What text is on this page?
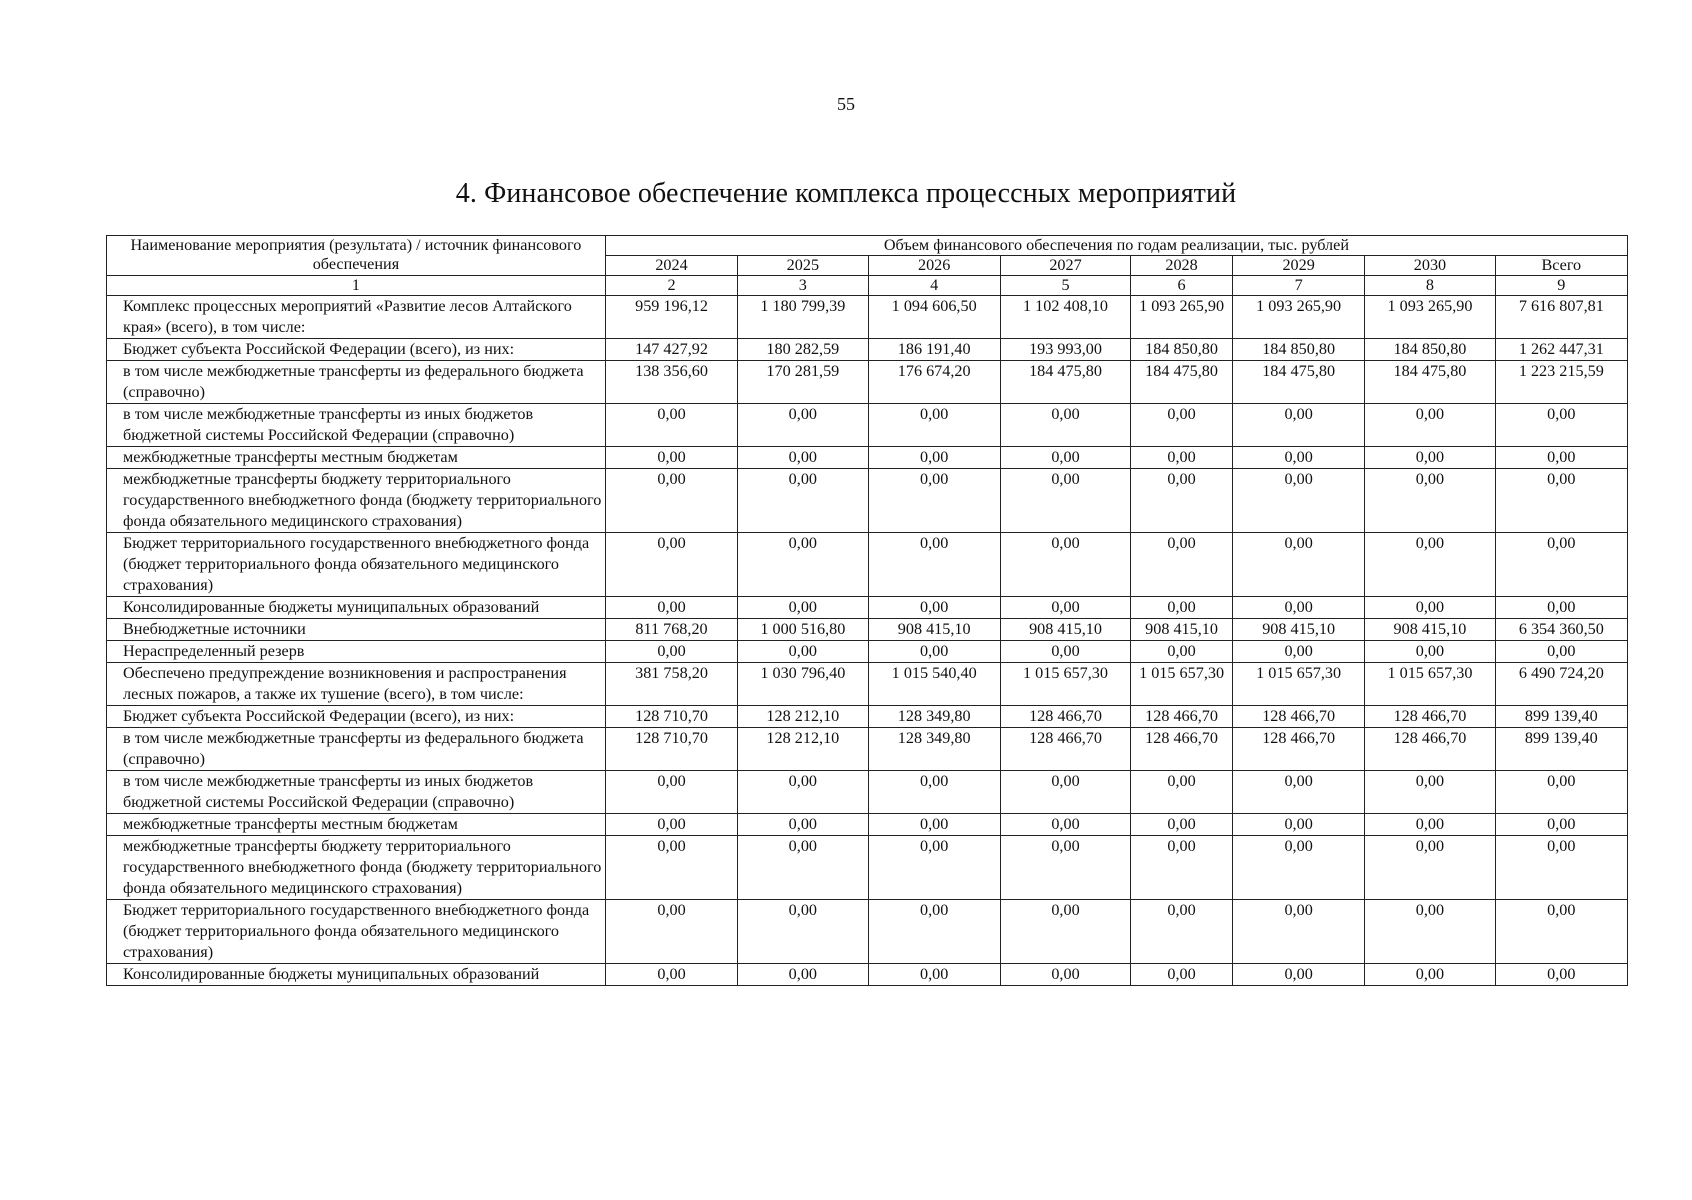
55
4. Финансовое обеспечение комплекса процессных мероприятий
Наименование мероприятия (результата) / источник финансового обеспечения	Объем финансового обеспечения по годам реализации, тыс. рублей							
	2024	2025	2026	2027	2028	2029	2030	Всего
1	2	3	4	5	6	7	8	9
Комплекс процессных мероприятий «Развитие лесов Алтайского края» (всего), в том числе:	959 196,12	1 180 799,39	1 094 606,50	1 102 408,10	1 093 265,90	1 093 265,90	1 093 265,90	7 616 807,81
Бюджет субъекта Российской Федерации (всего), из них:	147 427,92	180 282,59	186 191,40	193 993,00	184 850,80	184 850,80	184 850,80	1 262 447,31
в том числе межбюджетные трансферты из федерального бюджета (справочно)	138 356,60	170 281,59	176 674,20	184 475,80	184 475,80	184 475,80	184 475,80	1 223 215,59
в том числе межбюджетные трансферты из иных бюджетов бюджетной системы Российской Федерации (справочно)	0,00	0,00	0,00	0,00	0,00	0,00	0,00	0,00
межбюджетные трансферты местным бюджетам	0,00	0,00	0,00	0,00	0,00	0,00	0,00	0,00
межбюджетные трансферты бюджету территориального государственного внебюджетного фонда (бюджету территориального фонда обязательного медицинского страхования)	0,00	0,00	0,00	0,00	0,00	0,00	0,00	0,00
Бюджет территориального государственного внебюджетного фонда (бюджет территориального фонда обязательного медицинского страхования)	0,00	0,00	0,00	0,00	0,00	0,00	0,00	0,00
Консолидированные бюджеты муниципальных образований	0,00	0,00	0,00	0,00	0,00	0,00	0,00	0,00
Внебюджетные источники	811 768,20	1 000 516,80	908 415,10	908 415,10	908 415,10	908 415,10	908 415,10	6 354 360,50
Нераспределенный резерв	0,00	0,00	0,00	0,00	0,00	0,00	0,00	0,00
Обеспечено предупреждение возникновения и распространения лесных пожаров, а также их тушение (всего), в том числе:	381 758,20	1 030 796,40	1 015 540,40	1 015 657,30	1 015 657,30	1 015 657,30	1 015 657,30	6 490 724,20
Бюджет субъекта Российской Федерации (всего), из них:	128 710,70	128 212,10	128 349,80	128 466,70	128 466,70	128 466,70	128 466,70	899 139,40
в том числе межбюджетные трансферты из федерального бюджета (справочно)	128 710,70	128 212,10	128 349,80	128 466,70	128 466,70	128 466,70	128 466,70	899 139,40
в том числе межбюджетные трансферты из иных бюджетов бюджетной системы Российской Федерации (справочно)	0,00	0,00	0,00	0,00	0,00	0,00	0,00	0,00
межбюджетные трансферты местным бюджетам	0,00	0,00	0,00	0,00	0,00	0,00	0,00	0,00
межбюджетные трансферты бюджету территориального государственного внебюджетного фонда (бюджету территориального фонда обязательного медицинского страхования)	0,00	0,00	0,00	0,00	0,00	0,00	0,00	0,00
Бюджет территориального государственного внебюджетного фонда (бюджет территориального фонда обязательного медицинского страхования)	0,00	0,00	0,00	0,00	0,00	0,00	0,00	0,00
Консолидированные бюджеты муниципальных образований	0,00	0,00	0,00	0,00	0,00	0,00	0,00	0,00
